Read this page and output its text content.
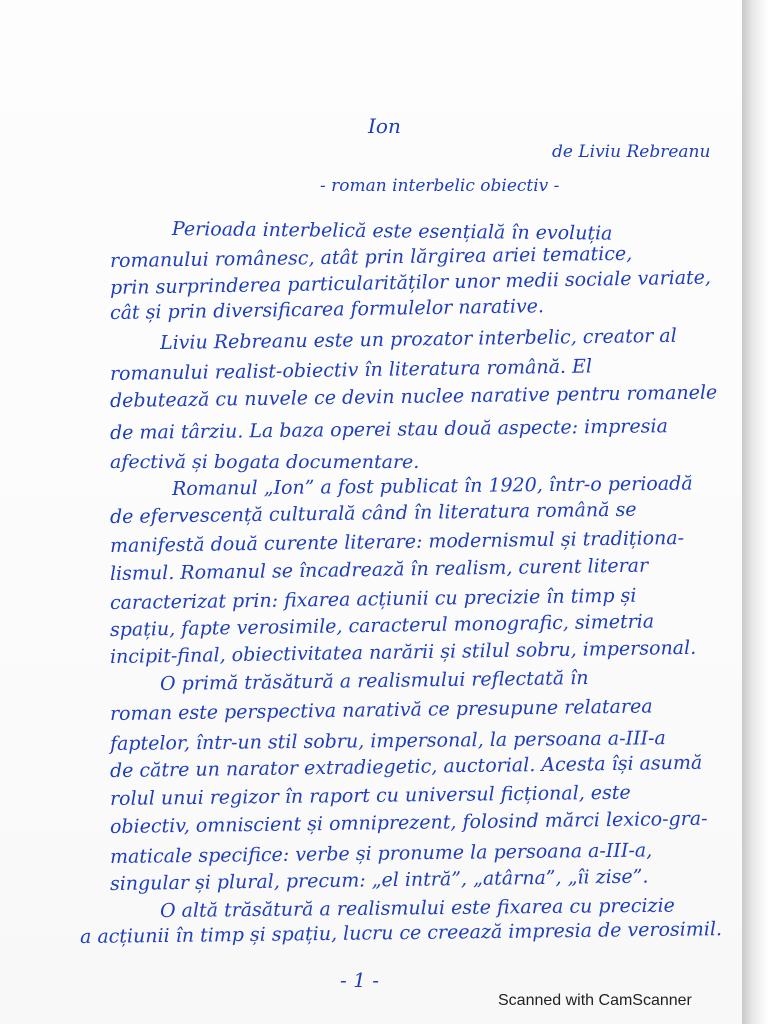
Ion
de Liviu Rebreanu
- roman interbelic obiectiv -
Perioada interbelică este esențială în evoluția
romanului românesc, atât prin lărgirea ariei tematice,
prin surprinderea particularităților unor medii sociale variate,
cât și prin diversificarea formulelor narative.
Liviu Rebreanu este un prozator interbelic, creator al
romanului realist-obiectiv în literatura română. El
debutează cu nuvele ce devin nuclee narative pentru romanele
de mai târziu. La baza operei stau două aspecte: impresia
afectivă și bogata documentare.
Romanul „Ion” a fost publicat în 1920, într-o perioadă
de efervescență culturală când în literatura română se
manifestă două curente literare: modernismul și tradiționa-
lismul. Romanul se încadrează în realism, curent literar
caracterizat prin: fixarea acțiunii cu precizie în timp și
spațiu, fapte verosimile, caracterul monografic, simetria
incipit-final, obiectivitatea narării și stilul sobru, impersonal.
O primă trăsătură a realismului reflectată în
roman este perspectiva narativă ce presupune relatarea
faptelor, într-un stil sobru, impersonal, la persoana a-III-a
de către un narator extradiegetic, auctorial. Acesta își asumă
rolul unui regizor în raport cu universul ficțional, este
obiectiv, omniscient și omniprezent, folosind mărci lexico-gra-
maticale specifice: verbe și pronume la persoana a-III-a,
singular și plural, precum: „el intră”, „atârna”, „îi zise”.
O altă trăsătură a realismului este fixarea cu precizie
a acțiunii în timp și spațiu, lucru ce creează impresia de verosimil.
- 1 -
Scanned with CamScanner
